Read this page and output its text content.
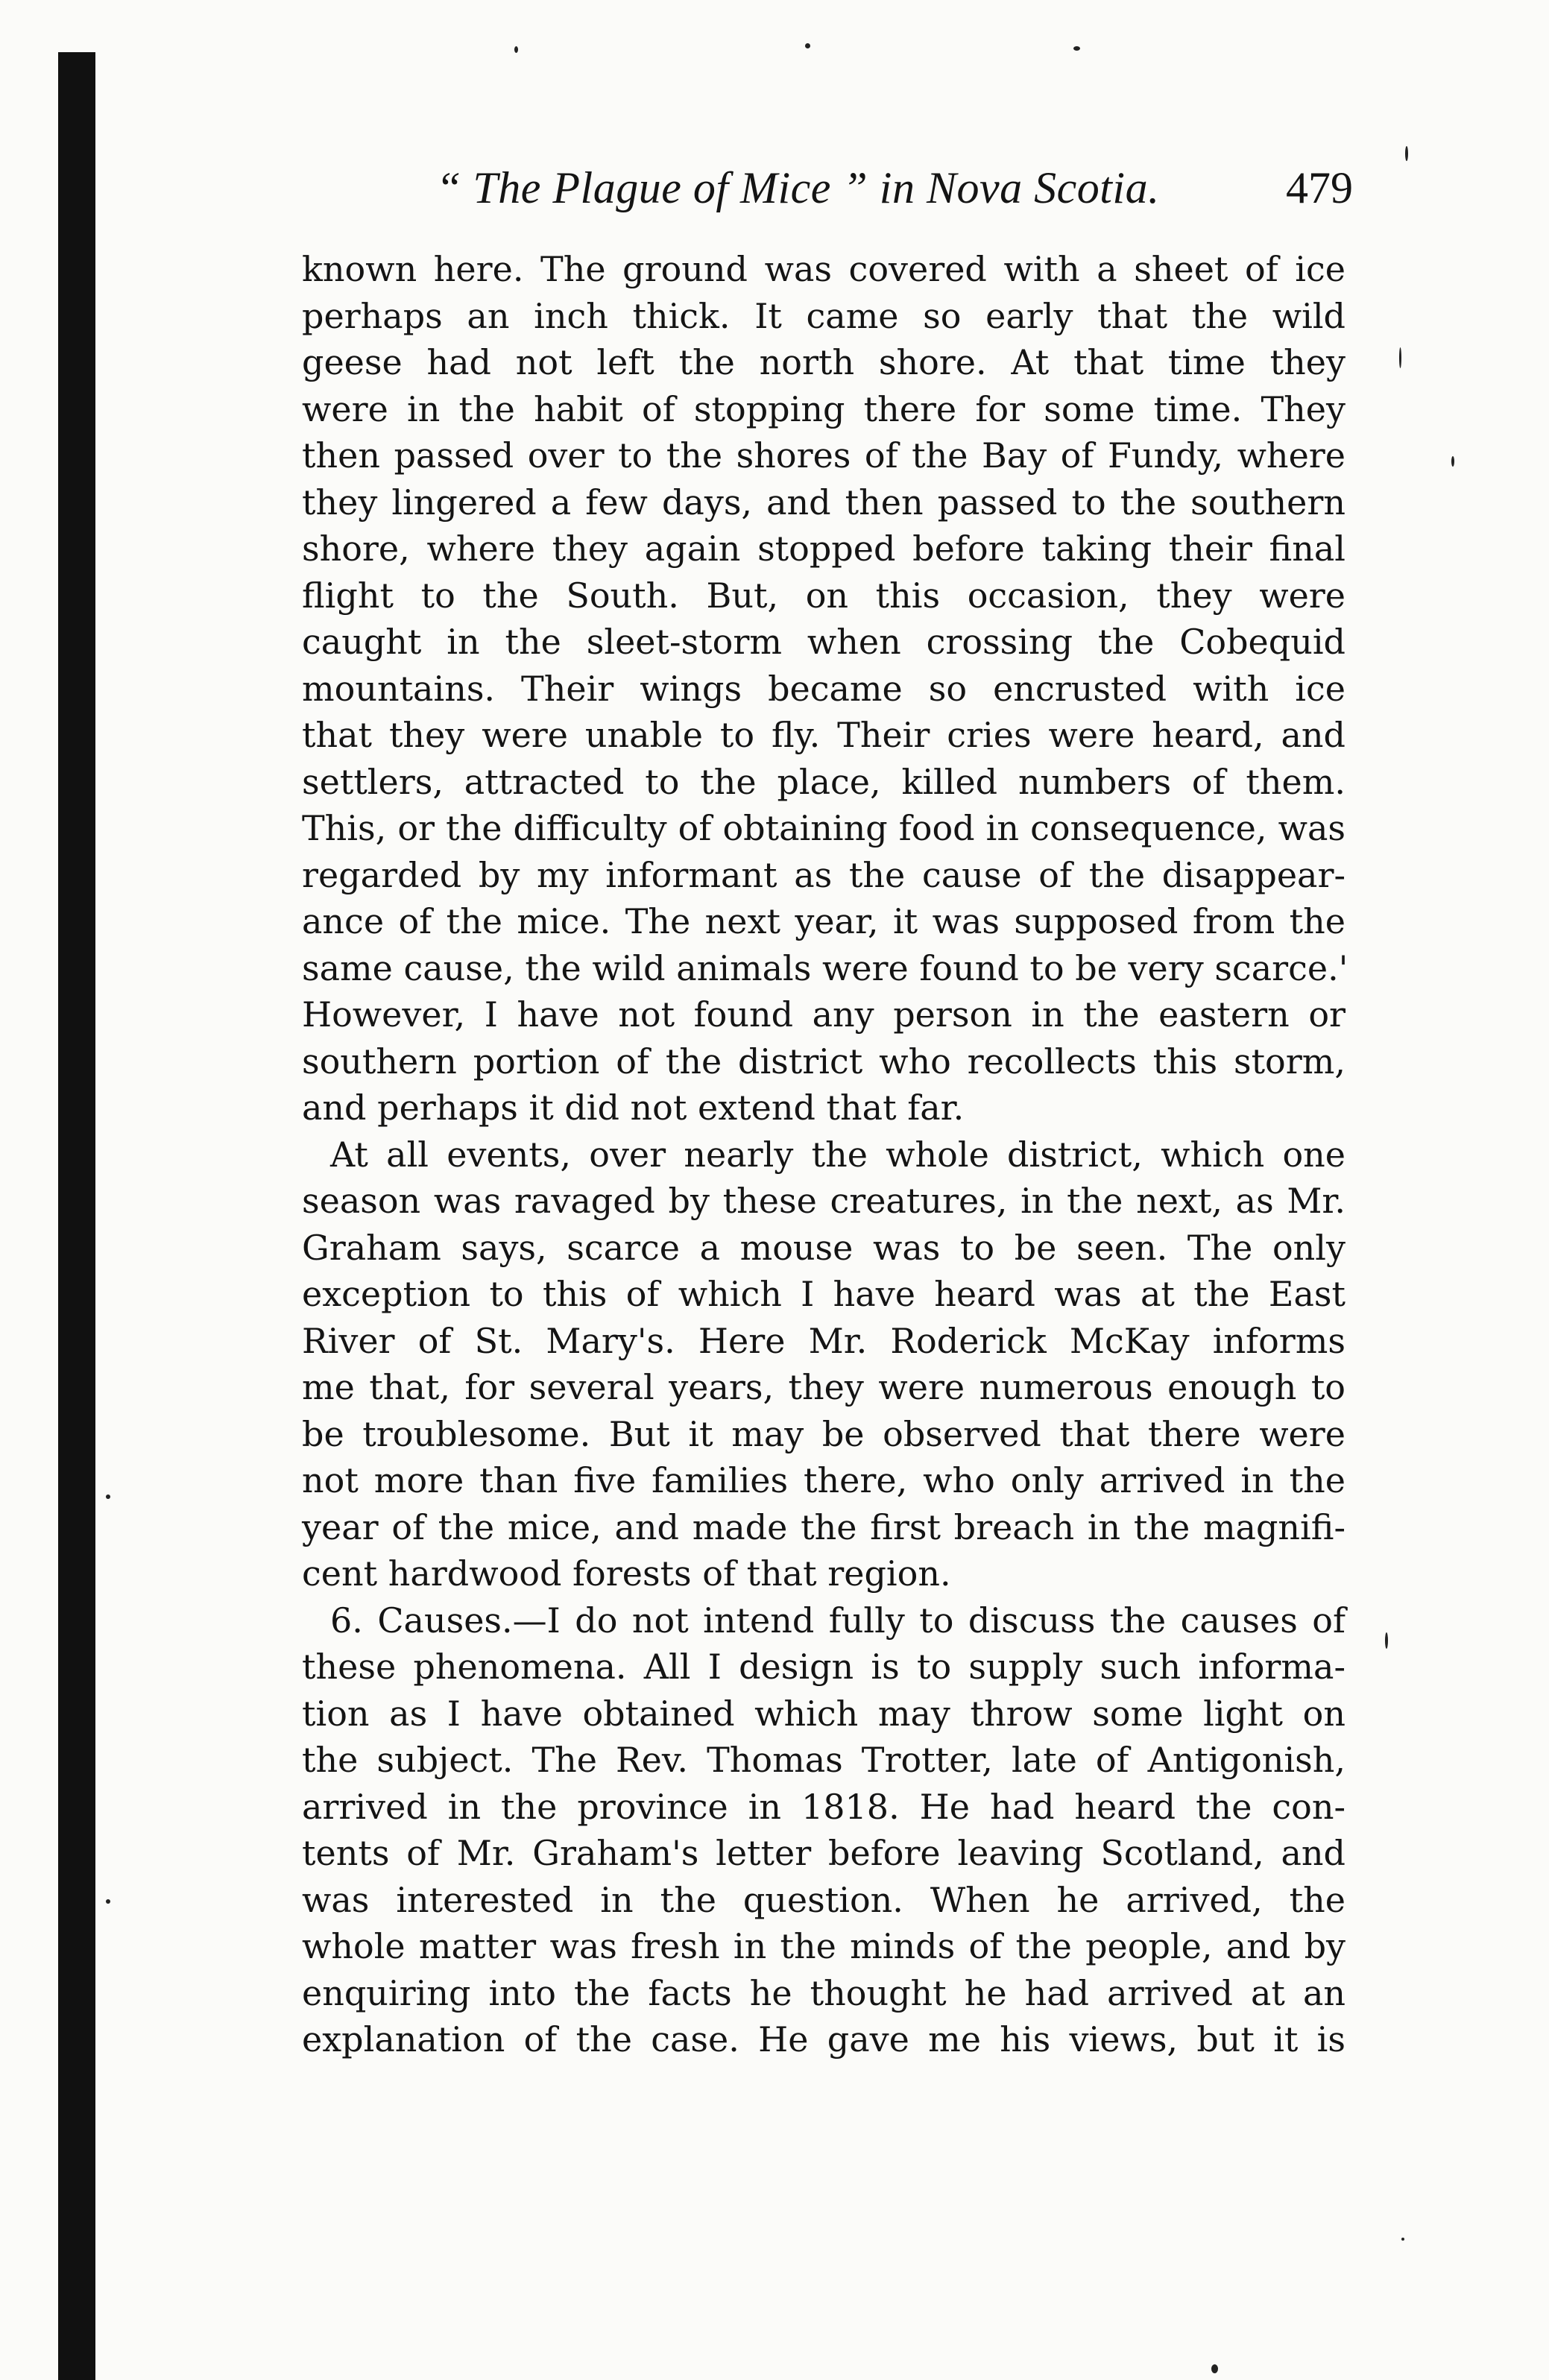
“ The Plague of Mice ” in Nova Scotia.	479
known here. The ground was covered with a sheet of ice
perhaps an inch thick. It came so early that the wild
geese had not left the north shore. At that time they
were in the habit of stopping there for some time. They
then passed over to the shores of the Bay of Fundy, where
they lingered a few days, and then passed to the southern
shore, where they again stopped before taking their final
flight to the South. But, on this occasion, they were
caught in the sleet-storm when crossing the Cobequid
mountains. Their wings became so encrusted with ice
that they were unable to fly. Their cries were heard, and
settlers, attracted to the place, killed numbers of them.
This, or the difficulty of obtaining food in consequence, was
regarded by my informant as the cause of the disappear-
ance of the mice. The next year, it was supposed from the
same cause, the wild animals were found to be very scarce.'
However, I have not found any person in the eastern or
southern portion of the district who recollects this storm,
and perhaps it did not extend that far.
At all events, over nearly the whole district, which one
season was ravaged by these creatures, in the next, as Mr.
Graham says, scarce a mouse was to be seen. The only
exception to this of which I have heard was at the East
River of St. Mary's. Here Mr. Roderick McKay informs
me that, for several years, they were numerous enough to
be troublesome. But it may be observed that there were
not more than five families there, who only arrived in the
year of the mice, and made the first breach in the magnifi-
cent hardwood forests of that region.
6. Causes.—I do not intend fully to discuss the causes of
these phenomena. All I design is to supply such informa-
tion as I have obtained which may throw some light on
the subject. The Rev. Thomas Trotter, late of Antigonish,
arrived in the province in 1818. He had heard the con-
tents of Mr. Graham's letter before leaving Scotland, and
was interested in the question. When he arrived, the
whole matter was fresh in the minds of the people, and by
enquiring into the facts he thought he had arrived at an
explanation of the case. He gave me his views, but it is
